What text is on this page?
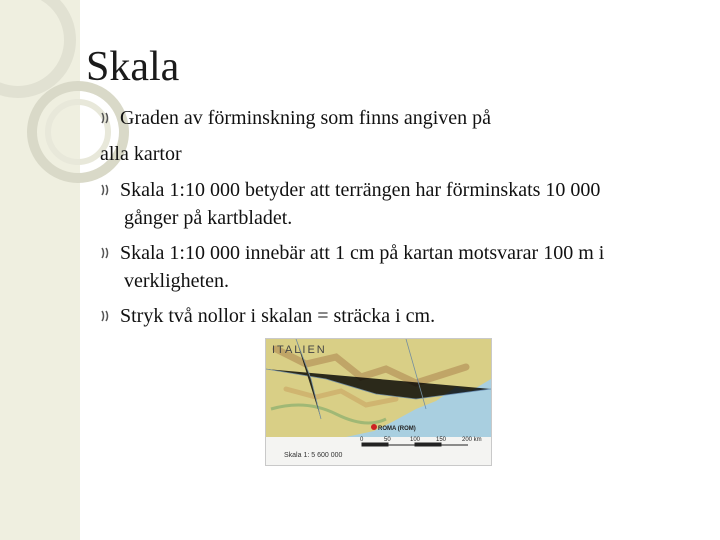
Skala
Graden av förminskning som finns angiven på
alla kartor
Skala 1:10 000 betyder att terrängen har förminskats 10 000
gånger på kartbladet.
Skala 1:10 000 innebär att 1 cm på kartan motsvarar 100 m i
verkligheten.
Stryk två nollor i skalan = sträcka i cm.
ITALIEN
ROMA (ROM)
0	50	100	150	200 km
Skala 1: 5 600 000
